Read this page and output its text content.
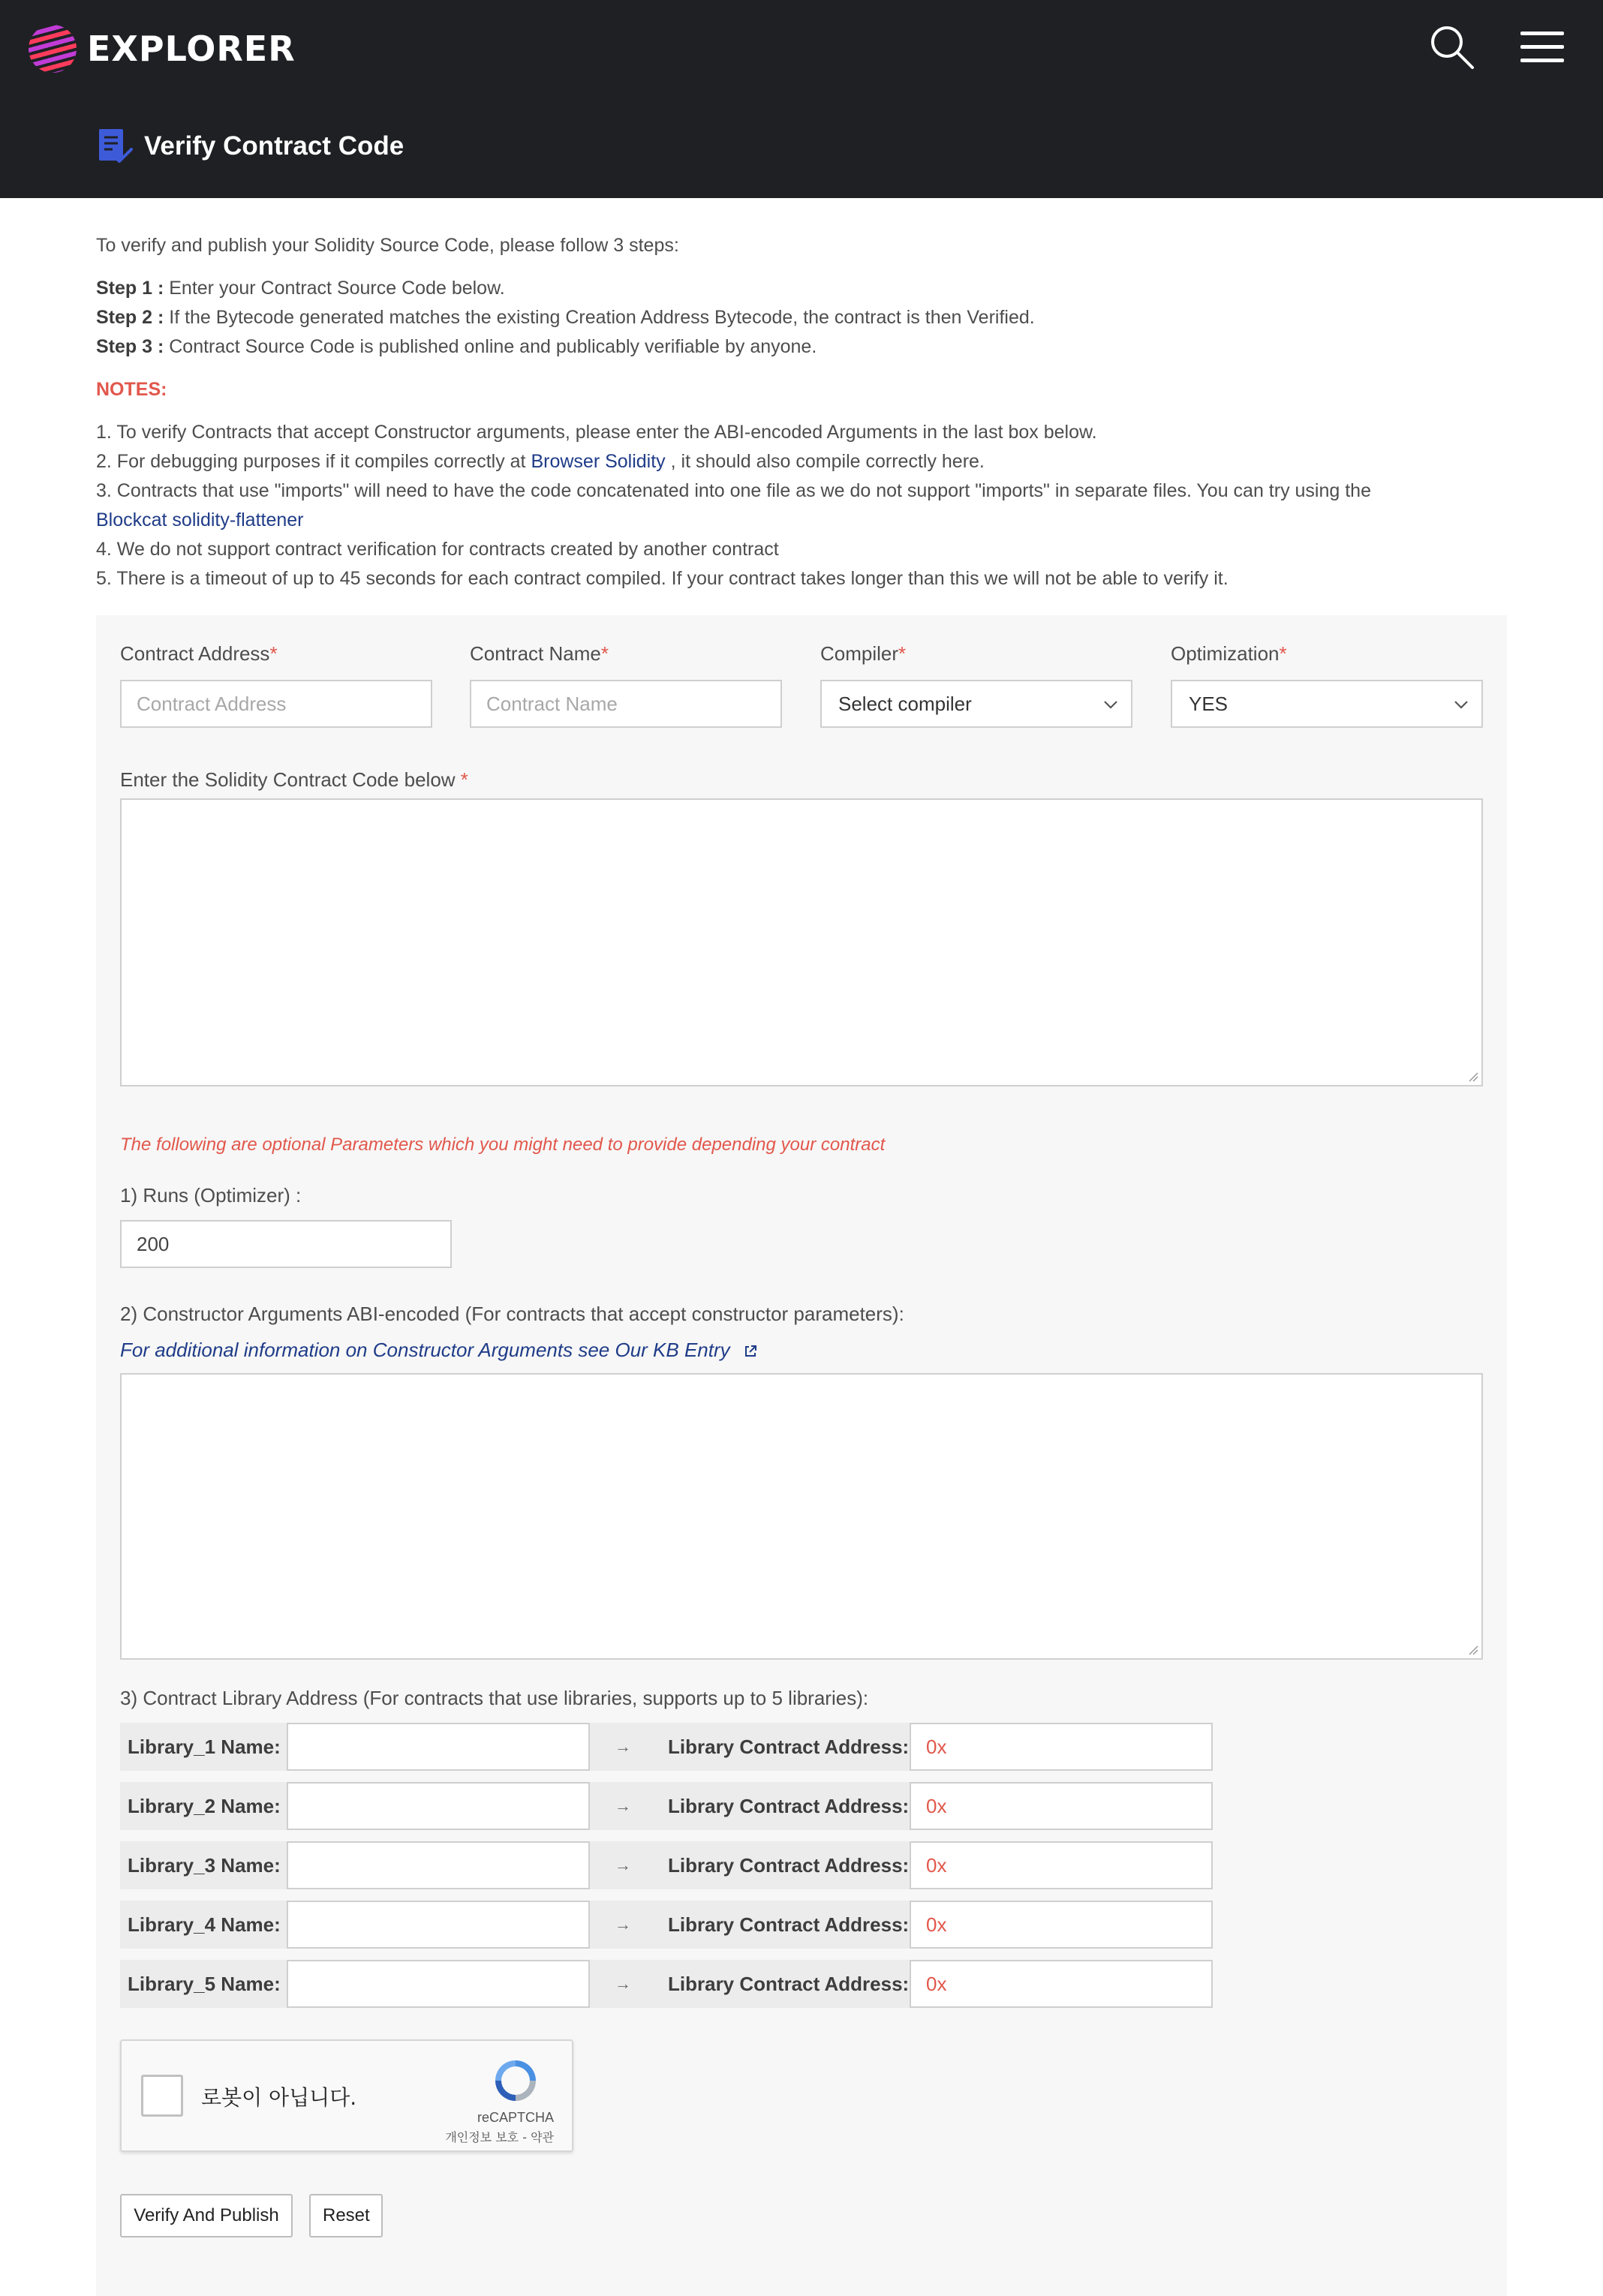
EXPLORER
Verify Contract Code

To verify and publish your Solidity Source Code, please follow 3 steps:

Step 1 : Enter your Contract Source Code below.

Step 2 : If the Bytecode generated matches the existing Creation Address Bytecode, the contract is then Verified.

Step 3 : Contract Source Code is published online and publicably verifiable by anyone.

NOTES:

1. To verify Contracts that accept Constructor arguments, please enter the ABI-encoded Arguments in the last box below.

2. For debugging purposes if it compiles correctly at Browser Solidity , it should also compile correctly here.

3. Contracts that use "imports" will need to have the code concatenated into one file as we do not support "imports" in separate files. You can try using the

Blockcat solidity-flattener

4. We do not support contract verification for contracts created by another contract

5. There is a timeout of up to 45 seconds for each contract compiled. If your contract takes longer than this we will not be able to verify it.

Contract Address*	Contract Name*	Compiler*	Optimization*
Contract Address
Contract Name
Select compiler	YES
Enter the Solidity Contract Code below *
The following are optional Parameters which you might need to provide depending your contract
1) Runs (Optimizer) :
200
2) Constructor Arguments ABI-encoded (For contracts that accept constructor parameters):
For additional information on Constructor Arguments see Our KB Entry
3) Contract Library Address (For contracts that use libraries, supports up to 5 libraries):
Library_1 Name:	→	Library Contract Address:
0x
Library_2 Name:	→	Library Contract Address:
0x
Library_3 Name:	→	Library Contract Address:
0x
Library_4 Name:	→	Library Contract Address:
0x
Library_5 Name:	→	Library Contract Address:
0x
로봇이 아닙니다.
reCAPTCHA
개인정보 보호 - 약관
Verify And Publish	Reset
